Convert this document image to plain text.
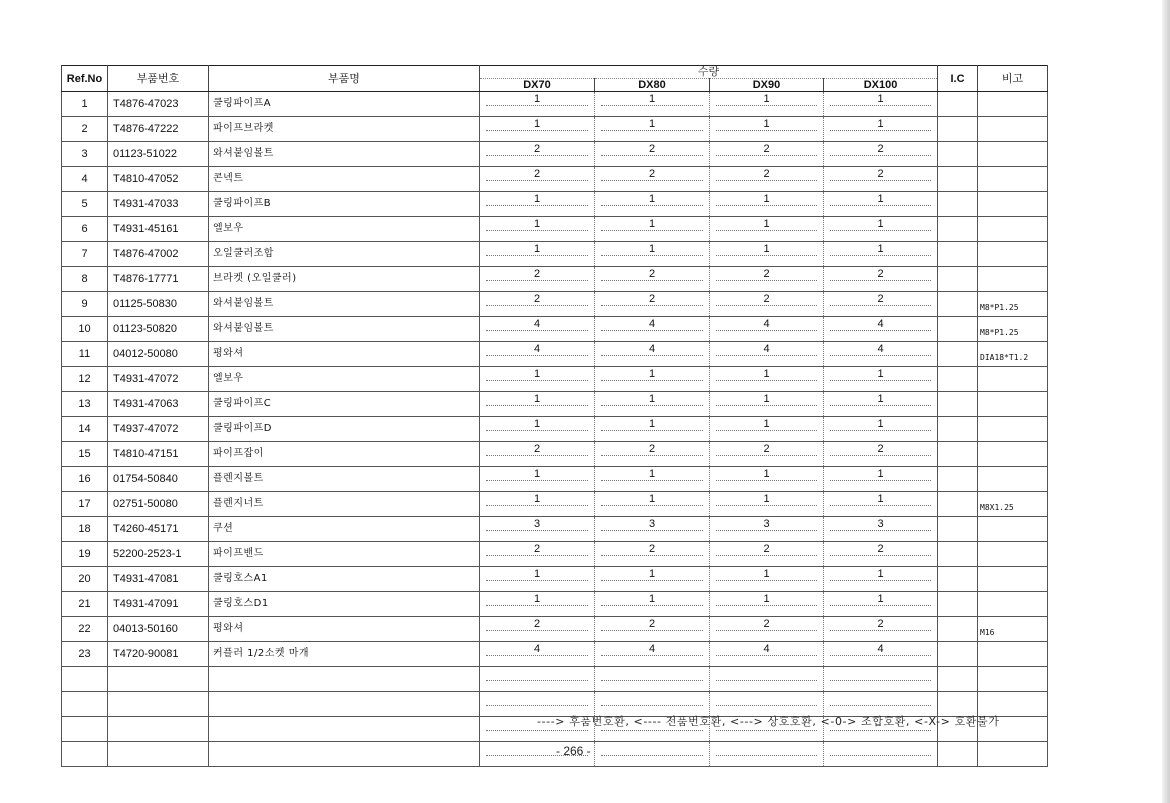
Ref.No	부품번호	부품명	수량				I.C	비고
			DX70	DX80	DX90	DX100		
1	T4876-47023	쿨링파이프A	1	1	1	1		

2	T4876-47222	파이프브라켓	1	1	1	1		

3	01123-51022	와셔붙임볼트	2	2	2	2		

4	T4810-47052	콘넥트	2	2	2	2		

5	T4931-47033	쿨링파이프B	1	1	1	1		

6	T4931-45161	엘보우	1	1	1	1		

7	T4876-47002	오일쿨러조합	1	1	1	1		

8	T4876-17771	브라켓 (오일쿨러)	2	2	2	2		

9	01125-50830	와셔붙임볼트	2	2	2	2		M8*P1.25
10	01123-50820	와셔붙임볼트	4	4	4	4		M8*P1.25
11	04012-50080	평와셔	4	4	4	4		DIA18*T1.2
12	T4931-47072	엘보우	1	1	1	1		

13	T4931-47063	쿨링파이프C	1	1	1	1		

14	T4937-47072	쿨링파이프D	1	1	1	1		

15	T4810-47151	파이프잡이	2	2	2	2		

16	01754-50840	플렌지볼트	1	1	1	1		

17	02751-50080	플렌지너트	1	1	1	1		M8X1.25
18	T4260-45171	쿠션	3	3	3	3		

19	52200-2523-1	파이프밴드	2	2	2	2		

20	T4931-47081	쿨링호스A1	1	1	1	1		

21	T4931-47091	쿨링호스D1	1	1	1	1		

22	04013-50160	평와셔	2	2	2	2		M16
23	T4720-90081	커플러 1/2소켓 마개	4	4	4	4		

----> 후품번호환, <---- 전품번호환, <---> 상호호환, <-0-> 조합호환, <-X-> 호환불가
- 266 -
